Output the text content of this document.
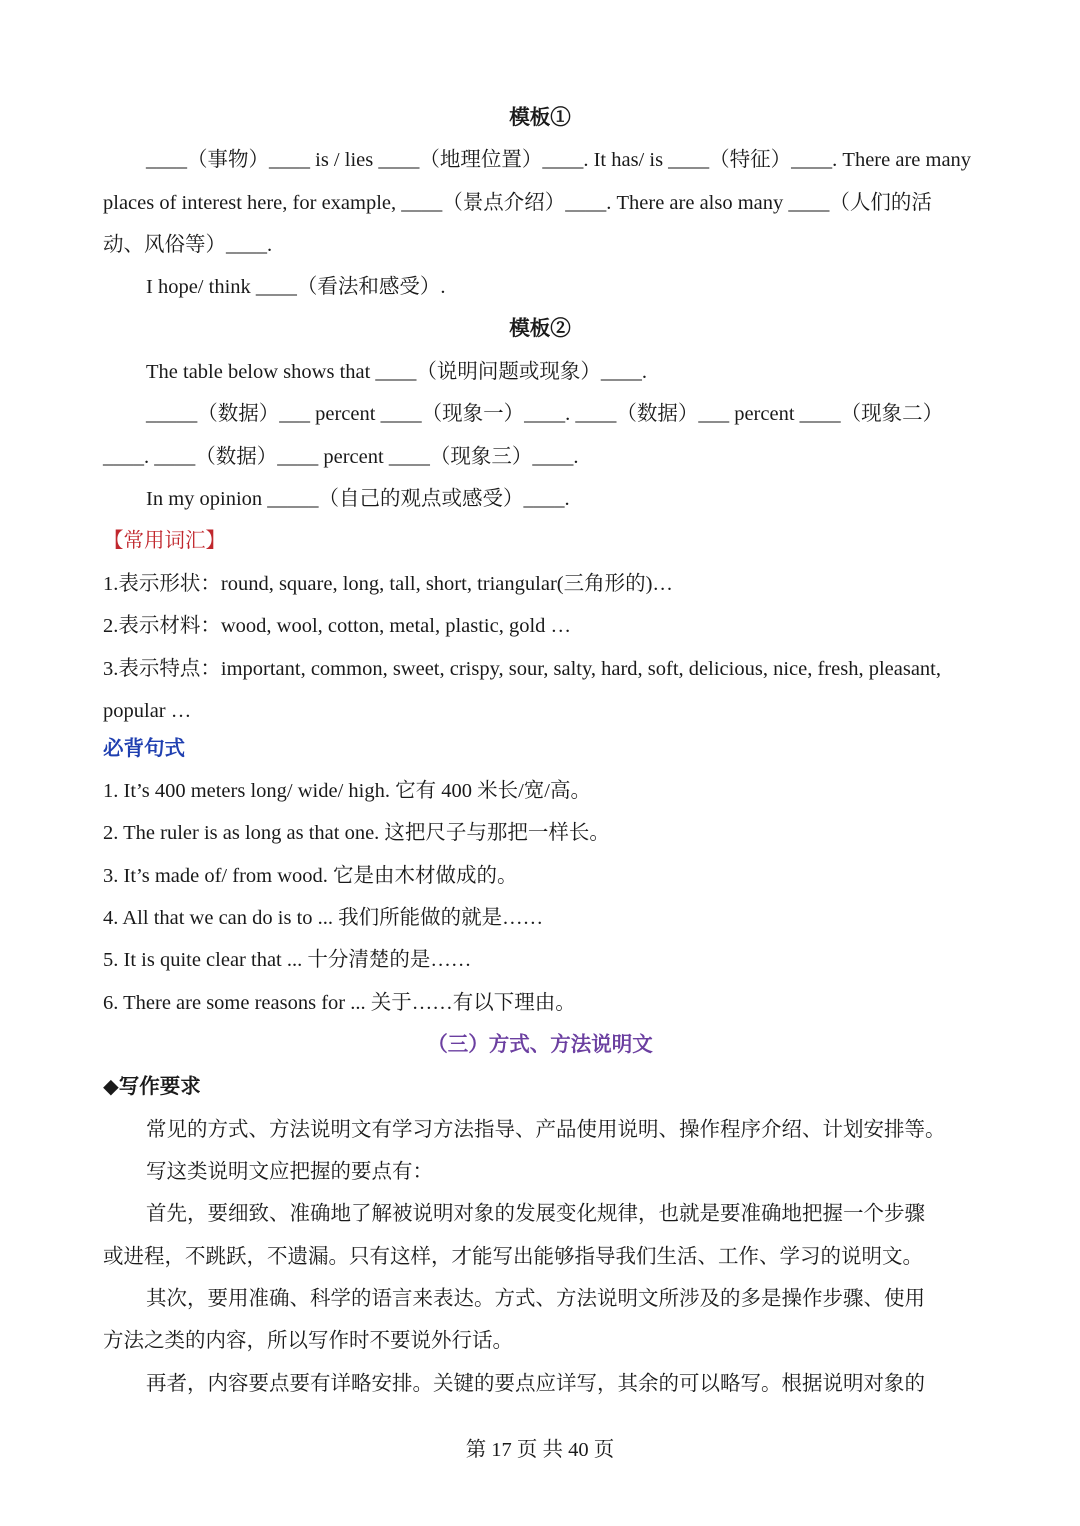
模板①
____（事物）____ is / lies ____（地理位置）____. It has/ is ____（特征）____. There are many
places of interest here, for example, ____（景点介绍）____. There are also many ____（人们的活
动、风俗等）____.
I hope/ think ____（看法和感受）.
模板②
The table below shows that ____（说明问题或现象）____.
_____（数据）___ percent ____（现象一）____. ____（数据）___ percent ____（现象二）
____. ____（数据）____ percent ____（现象三）____.
In my opinion _____（自己的观点或感受）____.
【常用词汇】
1.表示形状：round, square, long, tall, short, triangular(三角形的)…
2.表示材料：wood, wool, cotton, metal, plastic, gold …
3.表示特点：important, common, sweet, crispy, sour, salty, hard, soft, delicious, nice, fresh, pleasant,
popular …
必背句式
1. It’s 400 meters long/ wide/ high. 它有 400 米长/宽/高。
2. The ruler is as long as that one. 这把尺子与那把一样长。
3. It’s made of/ from wood. 它是由木材做成的。
4. All that we can do is to ... 我们所能做的就是……
5. It is quite clear that ... 十分清楚的是……
6. There are some reasons for ... 关于……有以下理由。
（三）方式、方法说明文
◆写作要求
常见的方式、方法说明文有学习方法指导、产品使用说明、操作程序介绍、计划安排等。
写这类说明文应把握的要点有：
首先，要细致、准确地了解被说明对象的发展变化规律，也就是要准确地把握一个步骤
或进程，不跳跃，不遗漏。只有这样，才能写出能够指导我们生活、工作、学习的说明文。
其次，要用准确、科学的语言来表达。方式、方法说明文所涉及的多是操作步骤、使用
方法之类的内容，所以写作时不要说外行话。
再者，内容要点要有详略安排。关键的要点应详写，其余的可以略写。根据说明对象的
第 17 页 共 40 页
